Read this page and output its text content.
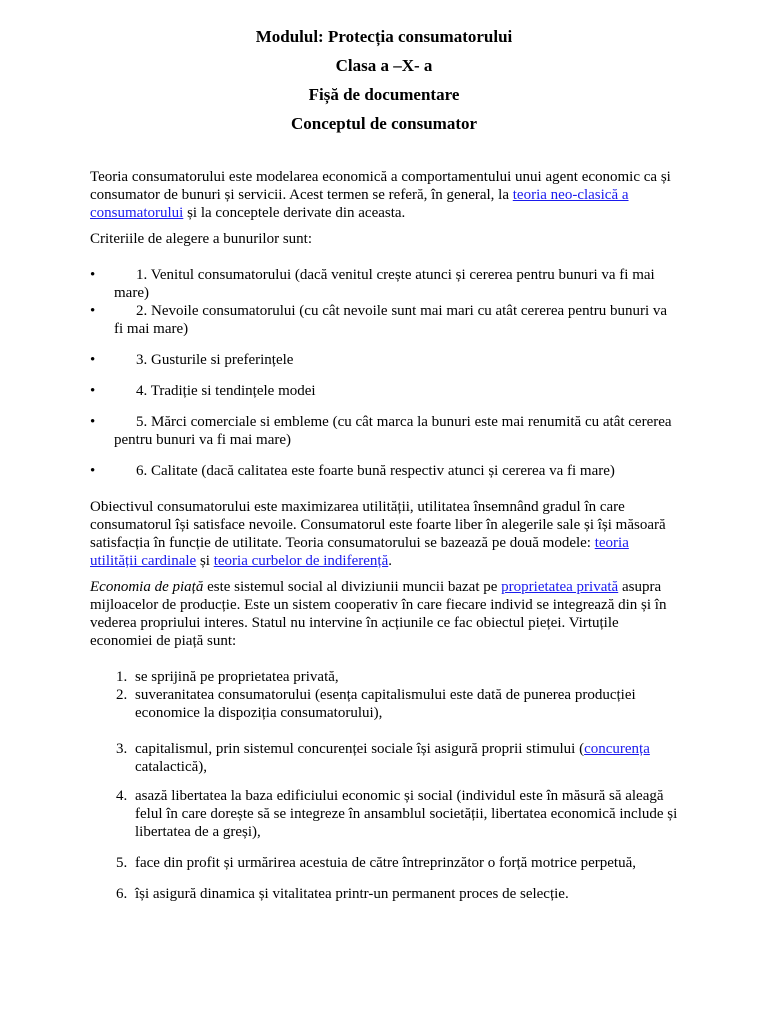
Modulul: Protecția consumatorului
Clasa a –X- a
Fișă de documentare
Conceptul de consumator

Teoria consumatorului este modelarea economică a comportamentului unui agent economic ca și consumator de bunuri și servicii. Acest termen se referă, în general, la teoria neo-clasică a consumatorului și la conceptele derivate din aceasta.

Criteriile de alegere a bunurilor sunt:

•	1. Venitul consumatorului (dacă venitul crește atunci și cererea pentru bunuri va fi mai mare)
•	2. Nevoile consumatorului (cu cât nevoile sunt mai mari cu atât cererea pentru bunuri va fi mai mare)
•	3. Gusturile si preferințele
•	4. Tradiție si tendințele modei
•	5. Mărci comerciale si embleme (cu cât marca la bunuri este mai renumită cu atât cererea pentru bunuri va fi mai mare)
•	6. Calitate (dacă calitatea este foarte bună respectiv atunci și cererea va fi mare)

Obiectivul consumatorului este maximizarea utilității, utilitatea însemnând gradul în care consumatorul își satisface nevoile. Consumatorul este foarte liber în alegerile sale și își măsoară satisfacția în funcție de utilitate. Teoria consumatorului se bazează pe două modele: teoria utilității cardinale și teoria curbelor de indiferență.

Economia de piață este sistemul social al diviziunii muncii bazat pe proprietatea privată asupra mijloacelor de producție. Este un sistem cooperativ în care fiecare individ se integrează din și în vederea propriului interes. Statul nu intervine în acțiunile ce fac obiectul pieței. Virtuțile economiei de piață sunt:

1. se sprijină pe proprietatea privată,
2. suveranitatea consumatorului (esența capitalismului este dată de punerea producției economice la dispoziția consumatorului),
3. capitalismul, prin sistemul concurenței sociale își asigură proprii stimului (concurența catalactică),
4. asază libertatea la baza edificiului economic și social (individul este în măsură să aleagă felul în care dorește să se integreze în ansamblul societății, libertatea economică include și libertatea de a greși),
5. face din profit și urmărirea acestuia de către întreprinzător o forță motrice perpetuă,
6. își asigură dinamica și vitalitatea printr-un permanent proces de selecție.
